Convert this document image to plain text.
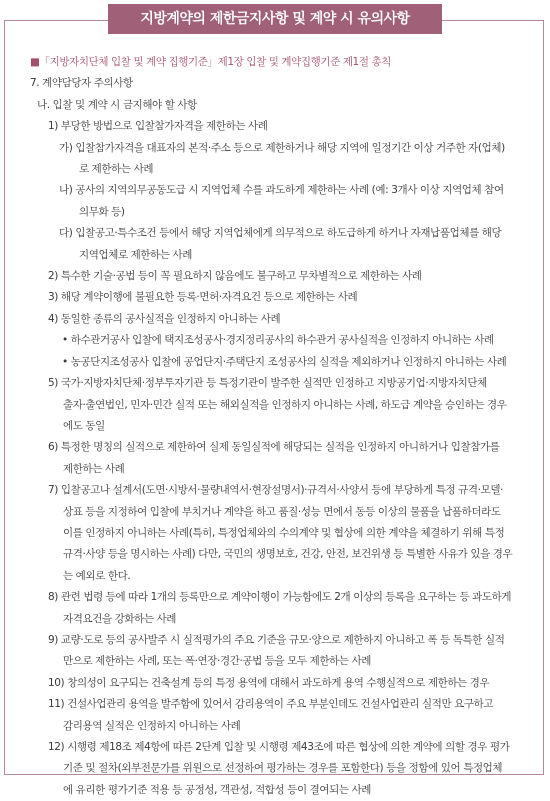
지방계약의 제한금지사항 및 계약 시 유의사항

■「지방자치단체 입찰 및 계약 집행기준」제1장 입찰 및 계약집행기준 제1절 총칙

7. 계약담당자 주의사항

나. 입찰 및 계약 시 금지해야 할 사항

1) 부당한 방법으로 입찰참가자격을 제한하는 사례

가) 입찰참가자격을 대표자의 본적·주소 등으로 제한하거나 해당 지역에 일정기간 이상 거주한 자(업체)

로 제한하는 사례

나) 공사의 지역의무공동도급 시 지역업체 수를 과도하게 제한하는 사례 (예: 3개사 이상 지역업체 참여

의무화 등)

다) 입찰공고·특수조건 등에서 해당 지역업체에게 의무적으로 하도급하게 하거나 자재납품업체를 해당

지역업체로 제한하는 사례

2) 특수한 기술·공법 등이 꼭 필요하지 않음에도 불구하고 무차별적으로 제한하는 사례

3) 해당 계약이행에 불필요한 등록·면허·자격요건 등으로 제한하는 사례

4) 동일한 종류의 공사실적을 인정하지 아니하는 사례

• 하수관거공사 입찰에 택지조성공사·경지정리공사의 하수관거 공사실적을 인정하지 아니하는 사례

• 농공단지조성공사 입찰에 공업단지·주택단지 조성공사의 실적을 제외하거나 인정하지 아니하는 사례

5) 국가·지방자치단체·정부투자기관 등 특정기관이 발주한 실적만 인정하고 지방공기업·지방자치단체

출자·출연법인, 민자·민간 실적 또는 해외실적을 인정하지 아니하는 사례, 하도급 계약을 승인하는 경우

에도 동일

6) 특정한 명칭의 실적으로 제한하여 실제 동일실적에 해당되는 실적을 인정하지 아니하거나 입찰참가를

제한하는 사례

7) 입찰공고나 설계서(도면·시방서·물량내역서·현장설명서)·규격서·사양서 등에 부당하게 특정 규격·모델·

상표 등을 지정하여 입찰에 부치거나 계약을 하고 품질·성능 면에서 동등 이상의 물품을 납품하더라도

이를 인정하지 아니하는 사례(특히, 특정업체와의 수의계약 및 협상에 의한 계약을 체결하기 위해 특정

규격·사양 등을 명시하는 사례) 다만, 국민의 생명보호, 건강, 안전, 보건위생 등 특별한 사유가 있을 경우

는 예외로 한다.

8) 관련 법령 등에 따라 1개의 등록만으로 계약이행이 가능함에도 2개 이상의 등록을 요구하는 등 과도하게

자격요건을 강화하는 사례

9) 교량·도로 등의 공사발주 시 실적평가의 주요 기준을 규모·양으로 제한하지 아니하고 폭 등 독특한 실적

만으로 제한하는 사례, 또는 폭·연장·경간·공법 등을 모두 제한하는 사례

10) 창의성이 요구되는 건축설계 등의 특정 용역에 대해서 과도하게 용역 수행실적으로 제한하는 경우

11) 건설사업관리 용역을 발주함에 있어서 감리용역이 주요 부분인데도 건설사업관리 실적만 요구하고

감리용역 실적은 인정하지 아니하는 사례

12) 시행령 제18조 제4항에 따른 2단계 입찰 및 시행령 제43조에 따른 협상에 의한 계약에 의할 경우 평가

기준 및 절차(외부전문가를 위원으로 선정하여 평가하는 경우를 포함한다) 등을 정함에 있어 특정업체

에 유리한 평가기준 적용 등 공정성, 객관성, 적합성 등이 결여되는 사례
